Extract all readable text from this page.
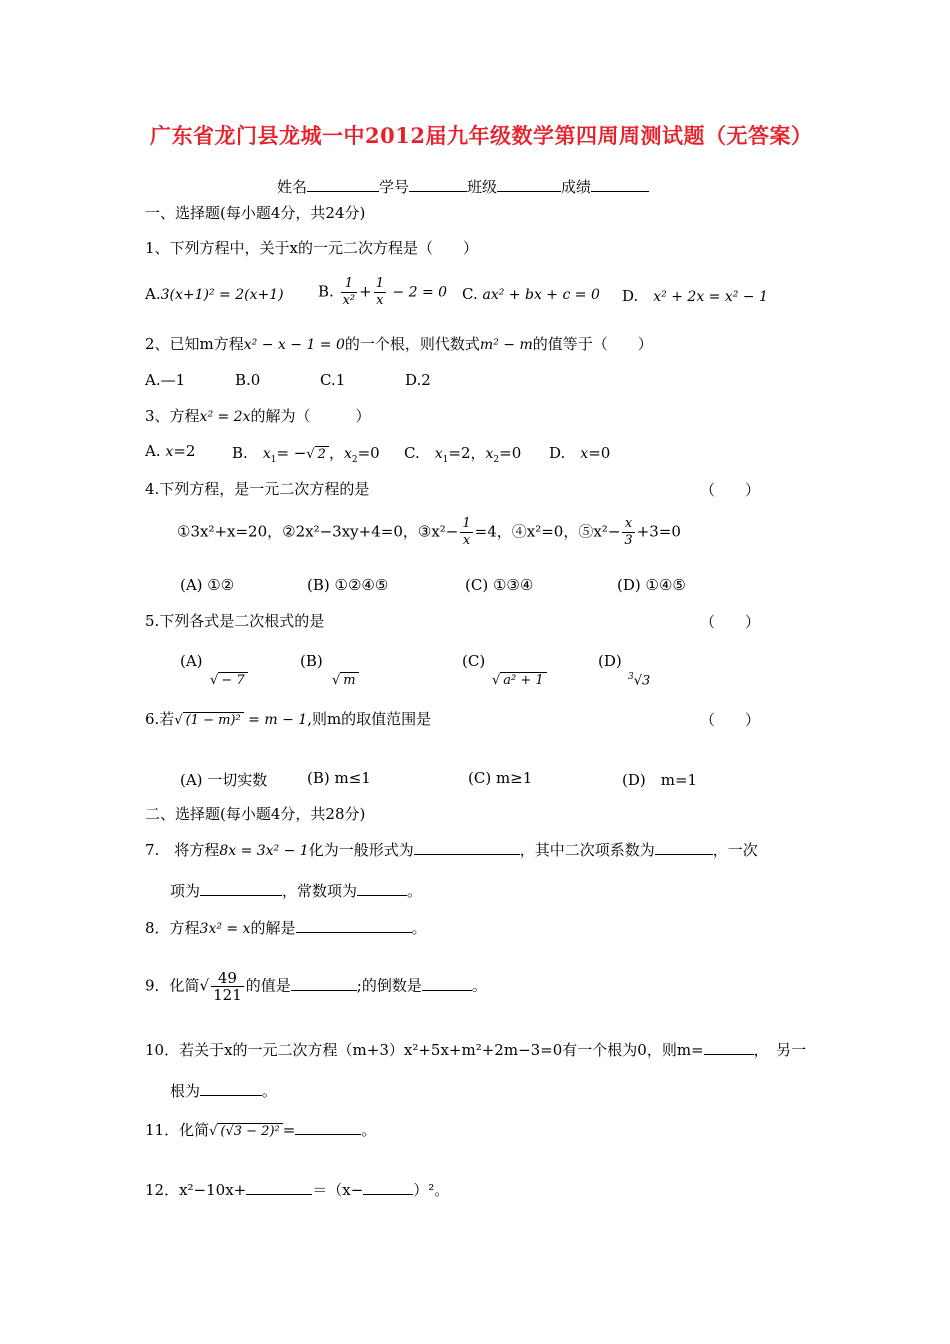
广东省龙门县龙城一中2012届九年级数学第四周周测试题（无答案）
姓名	学号	班级	成绩
一、选择题(每小题4分，共24分)
1、下列方程中，关于x的一元二次方程是（　　）
A.3(x+1)² = 2(x+1) B. $\frac{1}{\text{x²}} + \frac{1}{x} - 2 = 0$ C. ax² + bx + c = 0 D.　 x² + 2x = x² − 1
2、已知m方程x² − x − 1 = 0的一个根，则代数式m² − m的值等于（　　）
A.—1	B.0	C.1	D.2
3、方程x² = 2x的解为（　　　）
A. x=2 B.　 $x_1=$ −√ 2 ，$x_2=0$ C.　 $x_1=2$，$x_2=0$ D.　 x=0
4.下列方程，是一元二次方程的是	（　　）
①3x²+x=20，②2x²−3xy+4=0，③x²− $\frac{1}{x} =4$，④x²=0，⑤x²− $\frac{x}{3} +3=0$
(A) ①②	(B) ①②④⑤	(C) ①③④	(D) ①④⑤
5.下列各式是二次根式的是	（　　）
(A)
√ − 7
(B)
√ m
(C)
√ a² + 1
(D)
$^3$√3
6.若√ (1 − m)² = m − 1,则m的取值范围是	（　　）
(A) 一切实数	(B) m≤1	(C) m≥1	(D)　m=1
二、选择题(每小题4分，共28分)
7.　将方程8x = 3x² − 1化为一般形式为	，其中二次项系数为	，一次
项为	，常数项为	。
8．方程3x² = x的解是	。
9．化简√ $\frac{49}{121}$ 的值是	;的倒数是	。
10．若关于x的一元二次方程（m+3）x²+5x+m²+2m−3=0有一个根为0，则m=	，　另一
根为	。
11．化简√ (√3 − 2)² =	。
12．x²−10x+	＝（x−	）²。
